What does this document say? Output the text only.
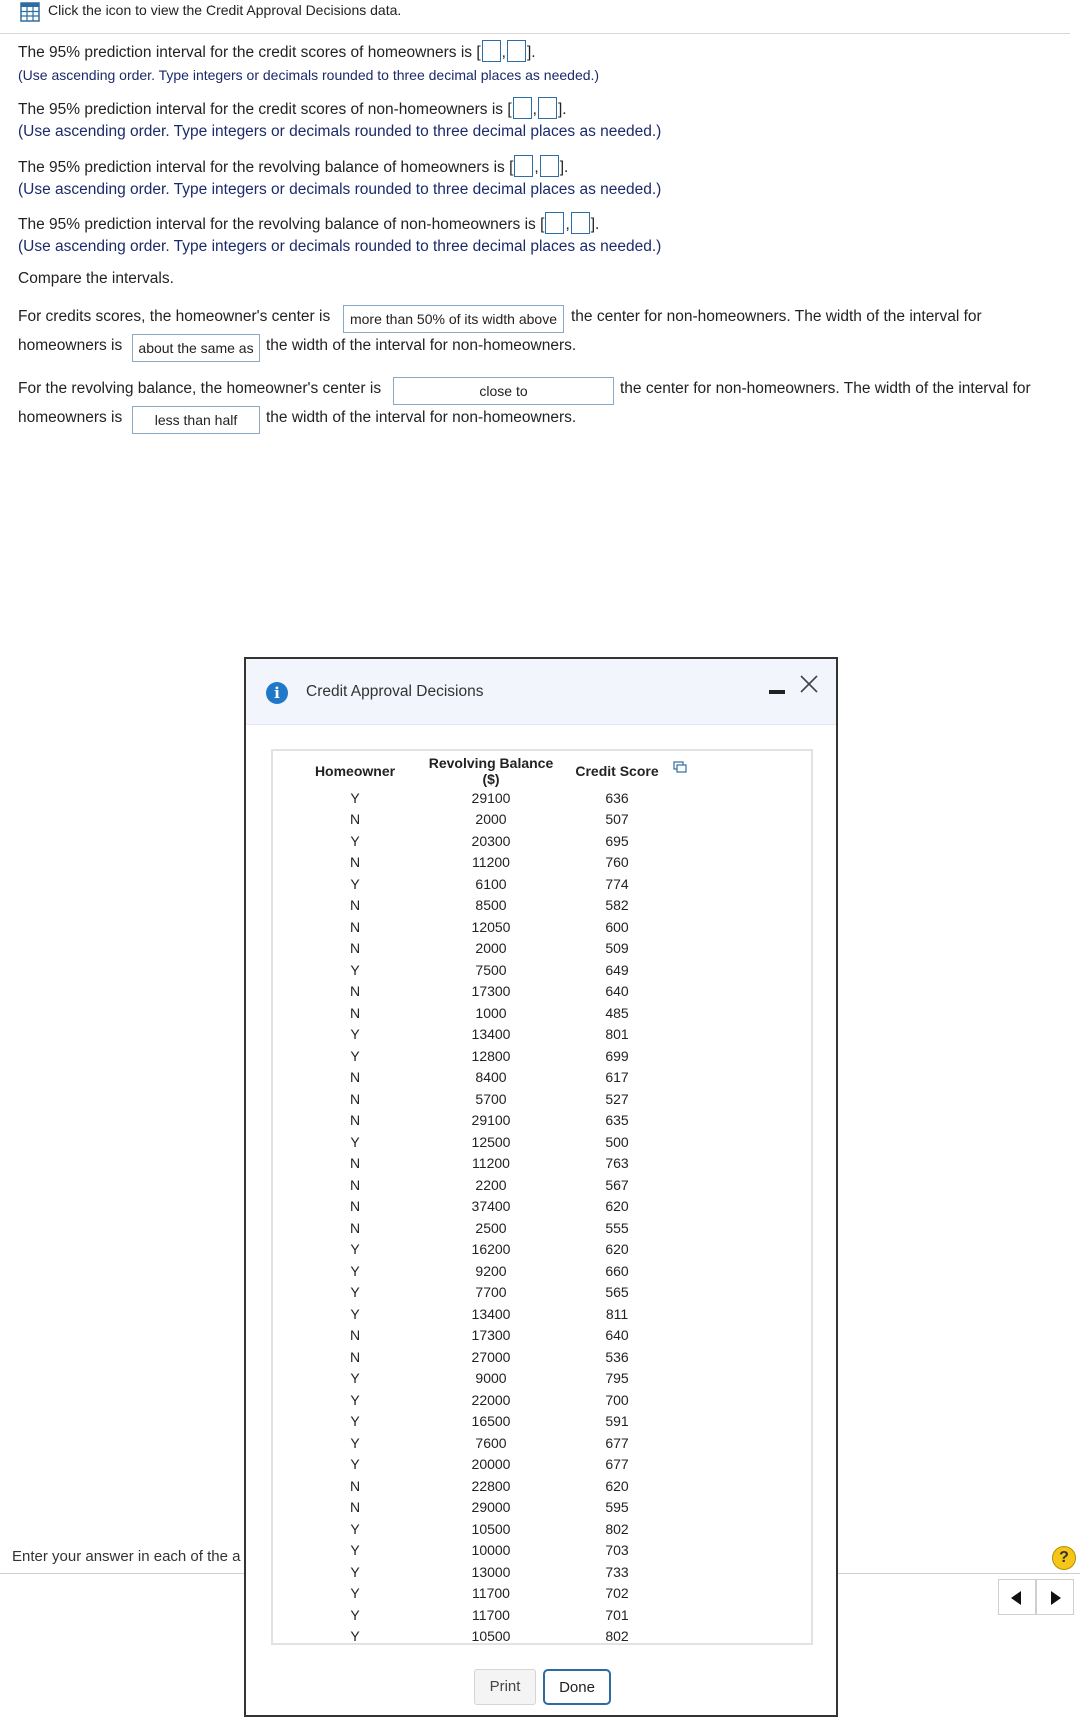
Click the icon to view the Credit Approval Decisions data.
The 95% prediction interval for the credit scores of homeowners is [ , ].
(Use ascending order. Type integers or decimals rounded to three decimal places as needed.)
The 95% prediction interval for the credit scores of non-homeowners is [ , ].
(Use ascending order. Type integers or decimals rounded to three decimal places as needed.)
The 95% prediction interval for the revolving balance of homeowners is [ , ].
(Use ascending order. Type integers or decimals rounded to three decimal places as needed.)
The 95% prediction interval for the revolving balance of non-homeowners is [ , ].
(Use ascending order. Type integers or decimals rounded to three decimal places as needed.)
Compare the intervals.
For credits scores, the homeowner's center is	more than 50% of its width above the center for non-homeowners. The width of the interval for
homeowners is	about the same as the width of the interval for non-homeowners.
For the revolving balance, the homeowner's center is	close to	the center for non-homeowners. The width of the interval for
homeowners is	less than half	the width of the interval for non-homeowners.
Enter your answer in each of the a	?
i	Credit Approval Decisions
Homeowner	Revolving Balance ($)	Credit Score
Y	29100	636
N	2000	507
Y	20300	695
N	11200	760
Y	6100	774
N	8500	582
N	12050	600
N	2000	509
Y	7500	649
N	17300	640
N	1000	485
Y	13400	801
Y	12800	699
N	8400	617
N	5700	527
N	29100	635
Y	12500	500
N	11200	763
N	2200	567
N	37400	620
N	2500	555
Y	16200	620
Y	9200	660
Y	7700	565
Y	13400	811
N	17300	640
N	27000	536
Y	9000	795
Y	22000	700
Y	16500	591
Y	7600	677
Y	20000	677
N	22800	620
N	29000	595
Y	10500	802
Y	10000	703
Y	13000	733
Y	11700	702
Y	11700	701
Y	10500	802
Print	Done
